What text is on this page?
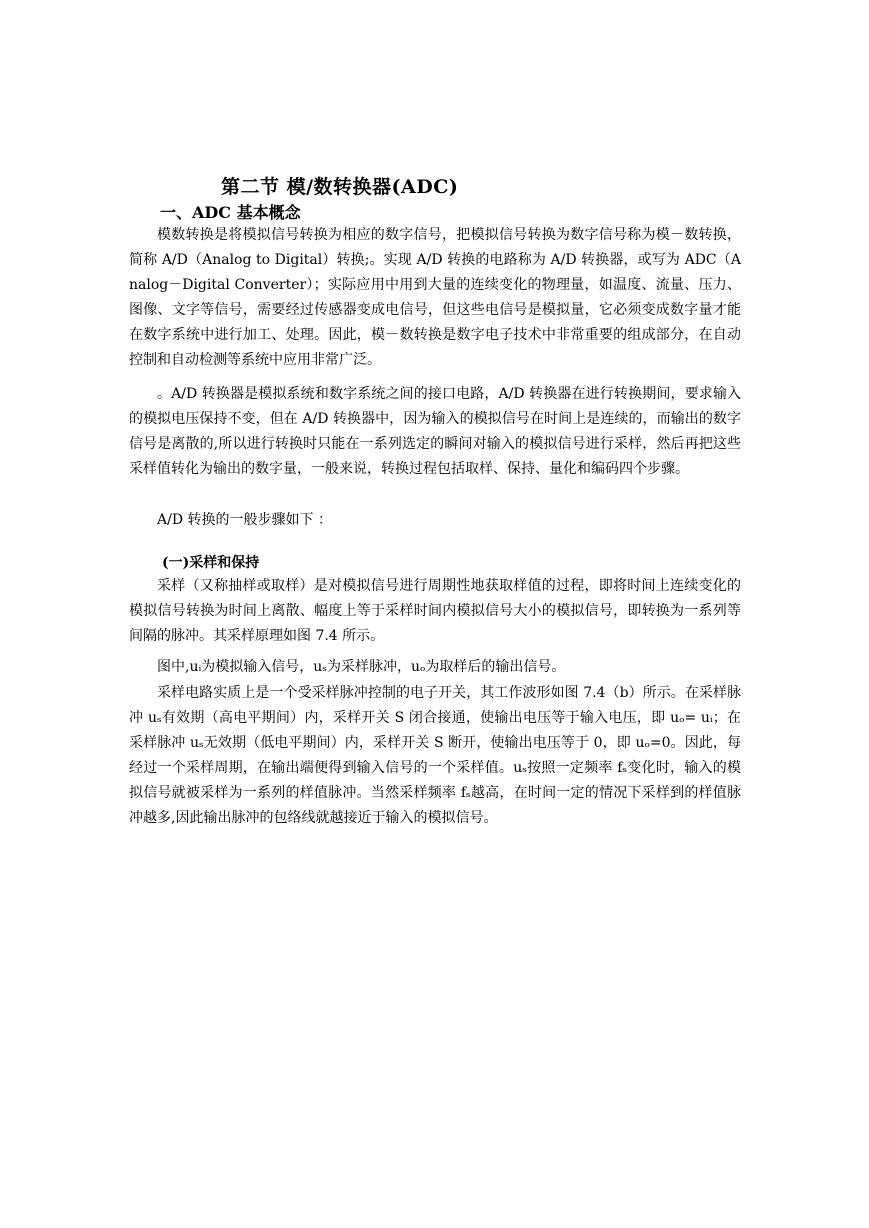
第二节 模/数转换器(ADC)
一、ADC 基本概念

模数转换是将模拟信号转换为相应的数字信号，把模拟信号转换为数字信号称为模－数转换，简称 A/D（Analog to Digital）转换;。实现 A/D 转换的电路称为 A/D 转换器，或写为 ADC（Analog－Digital Converter）；实际应用中用到大量的连续变化的物理量，如温度、流量、压力、图像、文字等信号，需要经过传感器变成电信号，但这些电信号是模拟量，它必须变成数字量才能在数字系统中进行加工、处理。因此，模－数转换是数字电子技术中非常重要的组成部分，在自动控制和自动检测等系统中应用非常广泛。

。A/D 转换器是模拟系统和数字系统之间的接口电路，A/D 转换器在进行转换期间，要求输入的模拟电压保持不变，但在 A/D 转换器中，因为输入的模拟信号在时间上是连续的，而输出的数字信号是离散的,所以进行转换时只能在一系列选定的瞬间对输入的模拟信号进行采样，然后再把这些采样值转化为输出的数字量，一般来说，转换过程包括取样、保持、量化和编码四个步骤。

A/D 转换的一般步骤如下 ：

(一)采样和保持

采样（又称抽样或取样）是对模拟信号进行周期性地获取样值的过程，即将时间上连续变化的模拟信号转换为时间上离散、幅度上等于采样时间内模拟信号大小的模拟信号，即转换为一系列等间隔的脉冲。其采样原理如图 7.4 所示。

图中,uᵢ为模拟输入信号，uₛ为采样脉冲，uₒ为取样后的输出信号。

采样电路实质上是一个受采样脉冲控制的电子开关，其工作波形如图 7.4（b）所示。在采样脉冲 uₛ有效期（高电平期间）内，采样开关 S 闭合接通，使输出电压等于输入电压，即 uₒ= uᵢ；在采样脉冲 uₛ无效期（低电平期间）内，采样开关 S 断开，使输出电压等于 0，即 uₒ=0。因此，每经过一个采样周期，在输出端便得到输入信号的一个采样值。uₛ按照一定频率 fₛ变化时，输入的模拟信号就被采样为一系列的样值脉冲。当然采样频率 fₛ越高，在时间一定的情况下采样到的样值脉冲越多,因此输出脉冲的包络线就越接近于输入的模拟信号。
